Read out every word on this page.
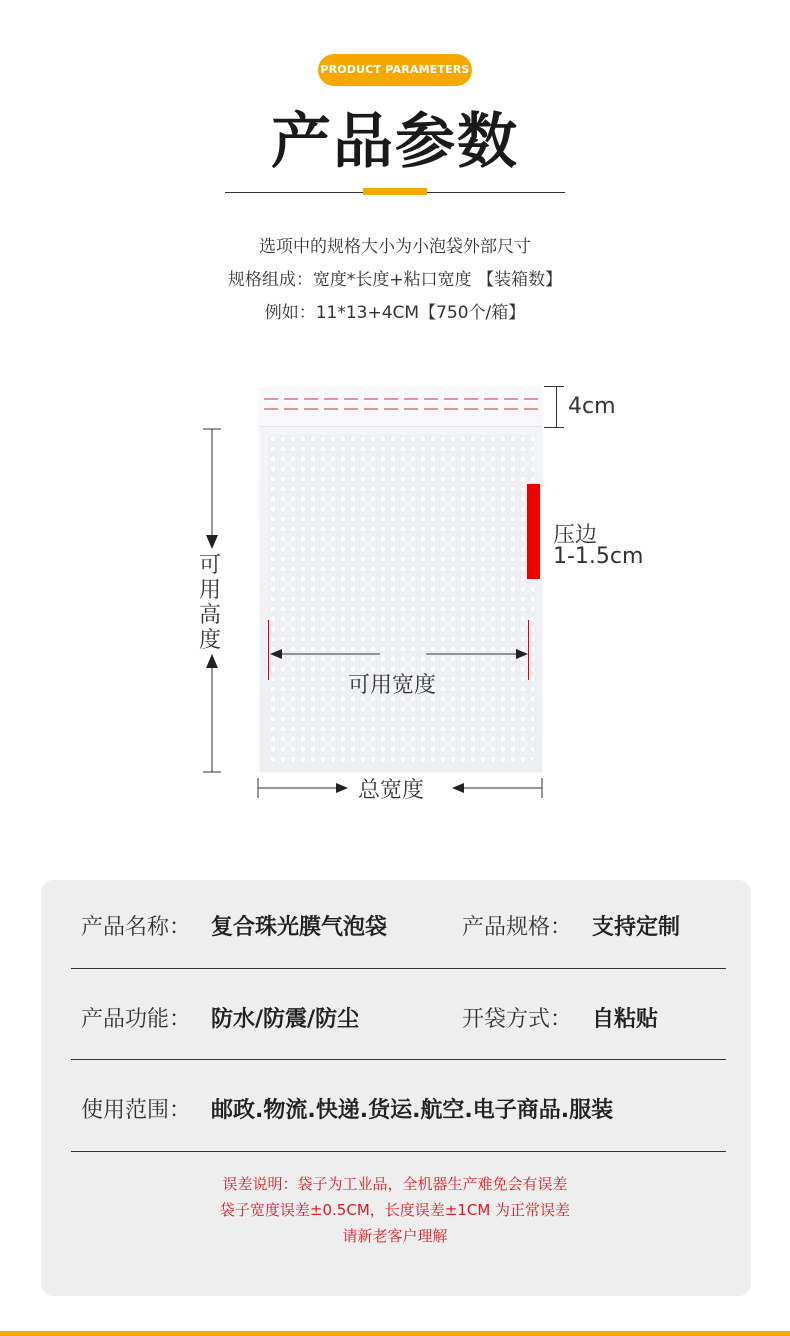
PRODUCT PARAMETERS
产品参数
选项中的规格大小为小泡袋外部尺寸
规格组成：宽度*长度+粘口宽度 【装箱数】
例如：11*13+4CM【750个/箱】
4cm
压边
1-1.5cm
可
用
高
度
可用宽度
总宽度
产品名称： 复合珠光膜气泡袋	产品规格： 支持定制
产品功能： 防水/防震/防尘	开袋方式： 自粘贴
使用范围： 邮政.物流.快递.货运.航空.电子商品.服装
误差说明：袋子为工业品，全机器生产难免会有误差
袋子宽度误差±0.5CM，长度误差±1CM 为正常误差
请新老客户理解
